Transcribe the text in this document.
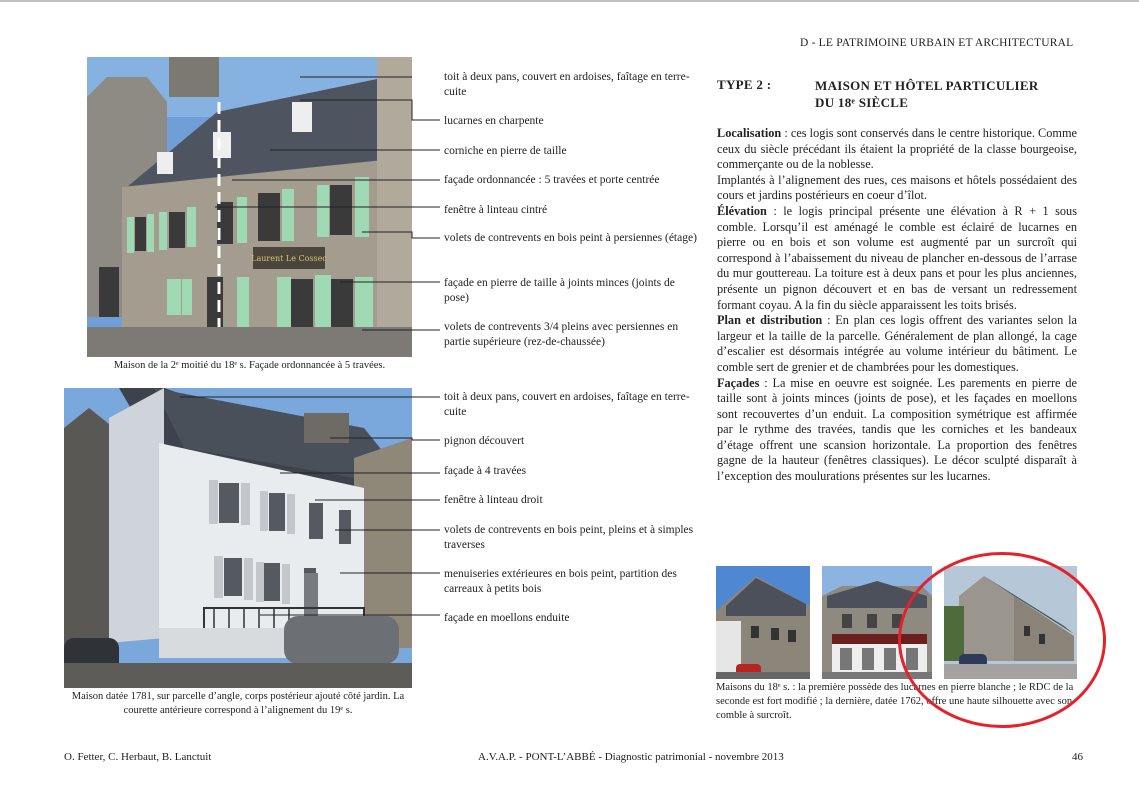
D - LE PATRIMOINE URBAIN ET ARCHITECTURAL
Laurent Le Cossec
Maison de la 2ᵉ moitié du 18ᵉ s. Façade ordonnancée à 5 travées.
Maison datée 1781, sur parcelle d’angle, corps postérieur ajouté côté jardin. La courette antérieure correspond à l’alignement du 19ᵉ s.
toit à deux pans, couvert en ardoises, faîtage en terre-cuite
lucarnes en charpente
corniche en pierre de taille
façade ordonnancée : 5 travées et porte centrée
fenêtre à linteau cintré
volets de contrevents en bois peint à persiennes (étage)
façade en pierre de taille à joints minces (joints de pose)
volets de contrevents 3/4 pleins avec persiennes en partie supérieure (rez-de-chaussée)
toit à deux pans, couvert en ardoises, faîtage en terre-cuite
pignon découvert
façade à 4 travées
fenêtre à linteau droit
volets de contrevents en bois peint, pleins et à simples traverses
menuiseries extérieures en bois peint, partition des carreaux à petits bois
façade en moellons enduite
TYPE 2 :	MAISON ET HÔTEL PARTICULIER
DU 18ᵉ SIÈCLE

Localisation : ces logis sont conservés dans le centre historique. Comme ceux du siècle précédant ils étaient la propriété de la classe bourgeoise, commerçante ou de la noblesse.

Implantés à l’alignement des rues, ces maisons et hôtels possédaient des cours et jardins postérieurs en coeur d’îlot.

Élévation : le logis principal présente une élévation à R + 1 sous comble. Lorsqu’il est aménagé le comble est éclairé de lucarnes en pierre ou en bois et son volume est augmenté par un surcroît qui correspond à l’abaissement du niveau de plancher en-dessous de l’arrase du mur gouttereau. La toiture est à deux pans et pour les plus anciennes, présente un pignon découvert et en bas de versant un redressement formant coyau. A la fin du siècle apparaissent les toits brisés.

Plan et distribution : En plan ces logis offrent des variantes selon la largeur et la taille de la parcelle. Généralement de plan allongé, la cage d’escalier est désormais intégrée au volume intérieur du bâtiment. Le comble sert de grenier et de chambrées pour les domestiques.

Façades : La mise en oeuvre est soignée. Les parements en pierre de taille sont à joints minces (joints de pose), et les façades en moellons sont recouvertes d’un enduit. La composition symétrique est affirmée par le rythme des travées, tandis que les corniches et les bandeaux d’étage offrent une scansion horizontale. La proportion des fenêtres gagne de la hauteur (fenêtres classiques). Le décor sculpté disparaît à l’exception des moulurations présentes sur les lucarnes.

Maisons du 18ᵉ s. : la première possède des lucarnes en pierre blanche ; le RDC de la seconde est fort modifié ; la dernière, datée 1762, offre une haute silhouette avec son comble à surcroît.
O. Fetter, C. Herbaut, B. Lanctuit	A.V.A.P. - PONT-L’ABBÉ - Diagnostic patrimonial - novembre 2013	46
